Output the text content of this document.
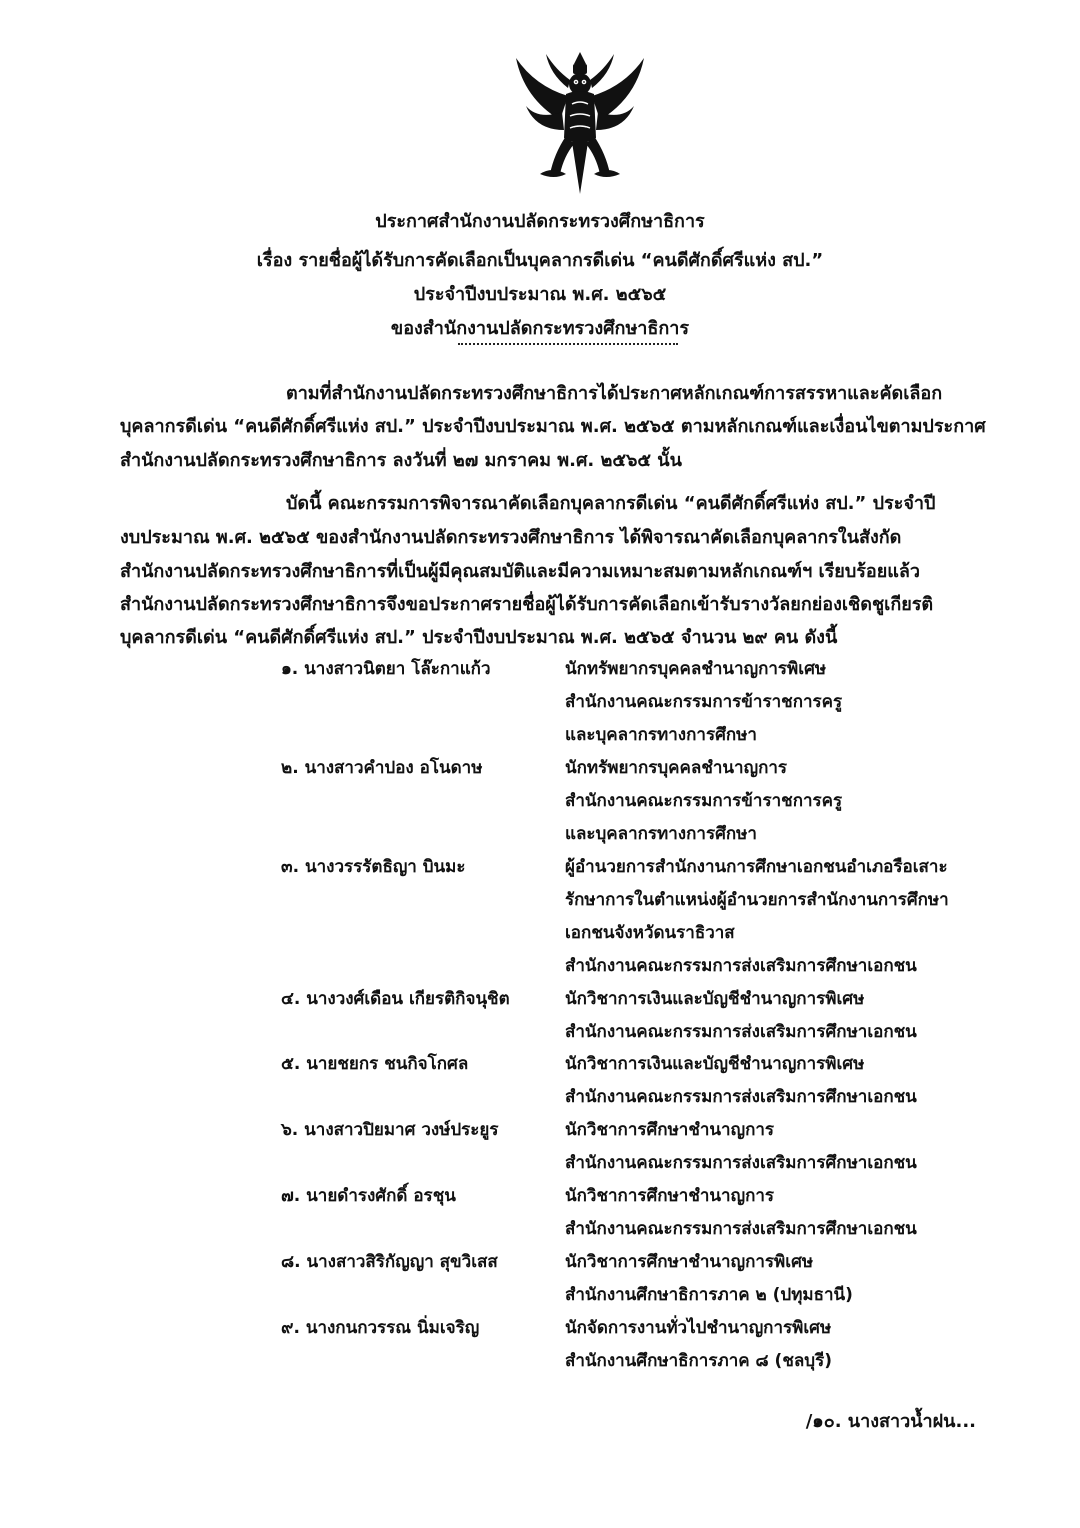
ประกาศสำนักงานปลัดกระทรวงศึกษาธิการ
เรื่อง รายชื่อผู้ได้รับการคัดเลือกเป็นบุคลากรดีเด่น “คนดีศักดิ์ศรีแห่ง สป.”
ประจำปีงบประมาณ พ.ศ. ๒๕๖๕
ของสำนักงานปลัดกระทรวงศึกษาธิการ
ตามที่สำนักงานปลัดกระทรวงศึกษาธิการได้ประกาศหลักเกณฑ์การสรรหาและคัดเลือก
บุคลากรดีเด่น “คนดีศักดิ์ศรีแห่ง สป.” ประจำปีงบประมาณ พ.ศ. ๒๕๖๕ ตามหลักเกณฑ์และเงื่อนไขตามประกาศ
สำนักงานปลัดกระทรวงศึกษาธิการ ลงวันที่ ๒๗ มกราคม พ.ศ. ๒๕๖๕ นั้น
บัดนี้ คณะกรรมการพิจารณาคัดเลือกบุคลากรดีเด่น “คนดีศักดิ์ศรีแห่ง สป.” ประจำปี
งบประมาณ พ.ศ. ๒๕๖๕ ของสำนักงานปลัดกระทรวงศึกษาธิการ ได้พิจารณาคัดเลือกบุคลากรในสังกัด
สำนักงานปลัดกระทรวงศึกษาธิการที่เป็นผู้มีคุณสมบัติและมีความเหมาะสมตามหลักเกณฑ์ฯ เรียบร้อยแล้ว
สำนักงานปลัดกระทรวงศึกษาธิการจึงขอประกาศรายชื่อผู้ได้รับการคัดเลือกเข้ารับรางวัลยกย่องเชิดชูเกียรติ
บุคลากรดีเด่น “คนดีศักดิ์ศรีแห่ง สป.” ประจำปีงบประมาณ พ.ศ. ๒๕๖๕ จำนวน ๒๙ คน ดังนี้
๑. นางสาวนิตยา โล๊ะกาแก้ว	นักทรัพยากรบุคคลชำนาญการพิเศษ
สำนักงานคณะกรรมการข้าราชการครู
และบุคลากรทางการศึกษา
๒. นางสาวคำปอง อโนดาษ	นักทรัพยากรบุคคลชำนาญการ
สำนักงานคณะกรรมการข้าราชการครู
และบุคลากรทางการศึกษา
๓. นางวรรรัตธิญา บินมะ	ผู้อำนวยการสำนักงานการศึกษาเอกชนอำเภอรือเสาะ
รักษาการในตำแหน่งผู้อำนวยการสำนักงานการศึกษา
เอกชนจังหวัดนราธิวาส
สำนักงานคณะกรรมการส่งเสริมการศึกษาเอกชน
๔. นางวงศ์เดือน เกียรติกิจนุชิต	นักวิชาการเงินและบัญชีชำนาญการพิเศษ
สำนักงานคณะกรรมการส่งเสริมการศึกษาเอกชน
๕. นายชยกร ชนกิจโกศล	นักวิชาการเงินและบัญชีชำนาญการพิเศษ
สำนักงานคณะกรรมการส่งเสริมการศึกษาเอกชน
๖. นางสาวปิยมาศ วงษ์ประยูร	นักวิชาการศึกษาชำนาญการ
สำนักงานคณะกรรมการส่งเสริมการศึกษาเอกชน
๗. นายดำรงศักดิ์ อรชุน	นักวิชาการศึกษาชำนาญการ
สำนักงานคณะกรรมการส่งเสริมการศึกษาเอกชน
๘. นางสาวสิริกัญญา สุขวิเสส	นักวิชาการศึกษาชำนาญการพิเศษ
สำนักงานศึกษาธิการภาค ๒ (ปทุมธานี)
๙. นางกนกวรรณ นิ่มเจริญ	นักจัดการงานทั่วไปชำนาญการพิเศษ
สำนักงานศึกษาธิการภาค ๘ (ชลบุรี)
/๑๐. นางสาวน้ำฝน...
